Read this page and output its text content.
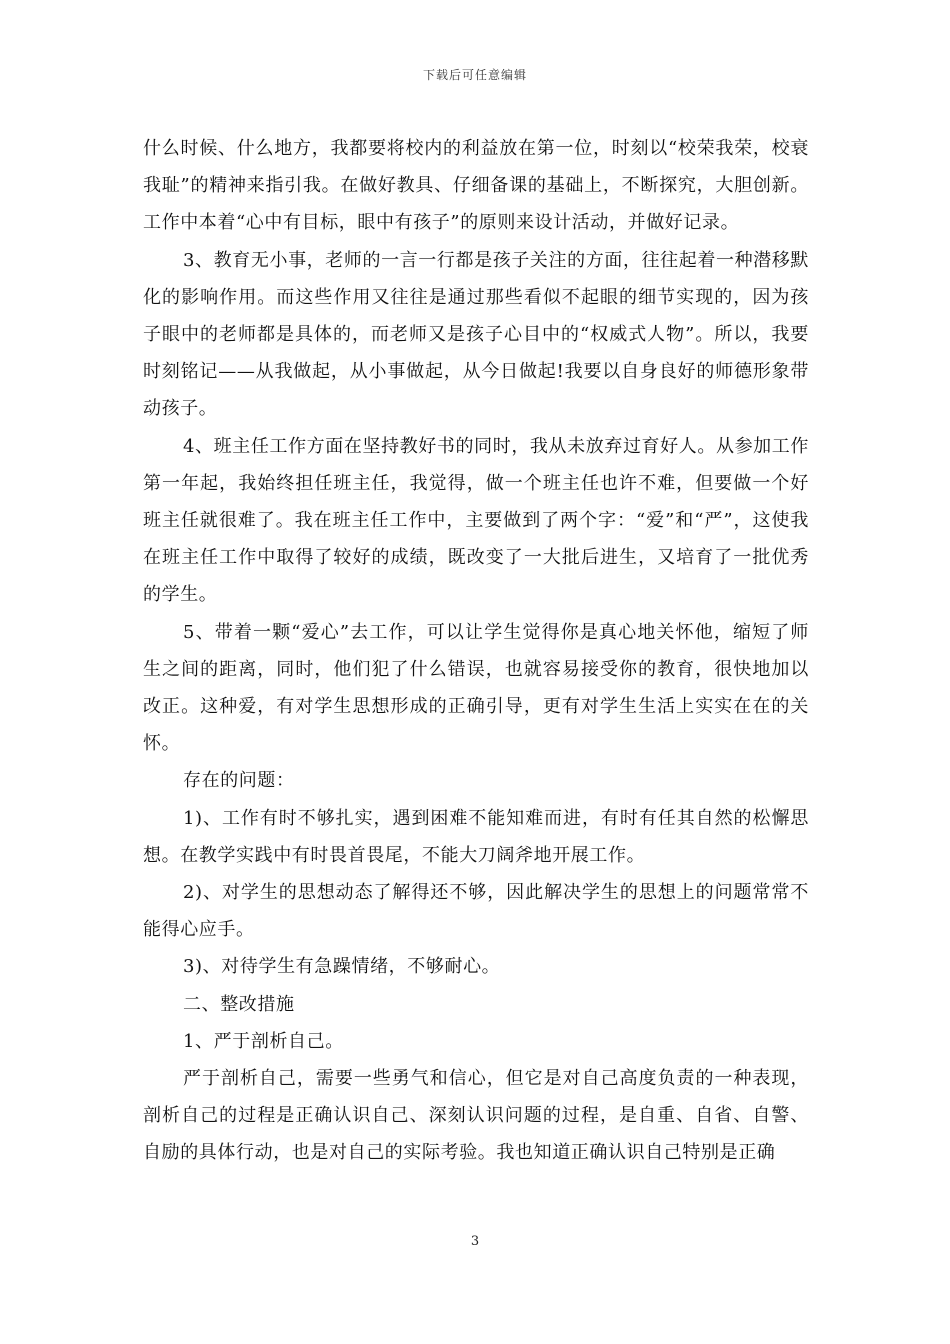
下载后可任意编辑

什么时候、什么地方，我都要将校内的利益放在第一位，时刻以“校荣我荣，校衰我耻”的精神来指引我。在做好教具、仔细备课的基础上，不断探究，大胆创新。工作中本着“心中有目标，眼中有孩子”的原则来设计活动，并做好记录。

3、教育无小事，老师的一言一行都是孩子关注的方面，往往起着一种潜移默化的影响作用。而这些作用又往往是通过那些看似不起眼的细节实现的，因为孩子眼中的老师都是具体的，而老师又是孩子心目中的“权威式人物”。所以，我要时刻铭记——从我做起，从小事做起，从今日做起!我要以自身良好的师德形象带动孩子。

4、班主任工作方面在坚持教好书的同时，我从未放弃过育好人。从参加工作第一年起，我始终担任班主任，我觉得，做一个班主任也许不难，但要做一个好班主任就很难了。我在班主任工作中，主要做到了两个字：“爱”和“严”，这使我在班主任工作中取得了较好的成绩，既改变了一大批后进生，又培育了一批优秀的学生。

5、带着一颗“爱心”去工作，可以让学生觉得你是真心地关怀他，缩短了师生之间的距离，同时，他们犯了什么错误，也就容易接受你的教育，很快地加以改正。这种爱，有对学生思想形成的正确引导，更有对学生生活上实实在在的关怀。

存在的问题：

1)、工作有时不够扎实，遇到困难不能知难而进，有时有任其自然的松懈思想。在教学实践中有时畏首畏尾，不能大刀阔斧地开展工作。

2)、对学生的思想动态了解得还不够，因此解决学生的思想上的问题常常不能得心应手。

3)、对待学生有急躁情绪，不够耐心。

二、整改措施

1、严于剖析自己。

严于剖析自己，需要一些勇气和信心，但它是对自己高度负责的一种表现，剖析自己的过程是正确认识自己、深刻认识问题的过程，是自重、自省、自警、自励的具体行动，也是对自己的实际考验。我也知道正确认识自己特别是正确

3
